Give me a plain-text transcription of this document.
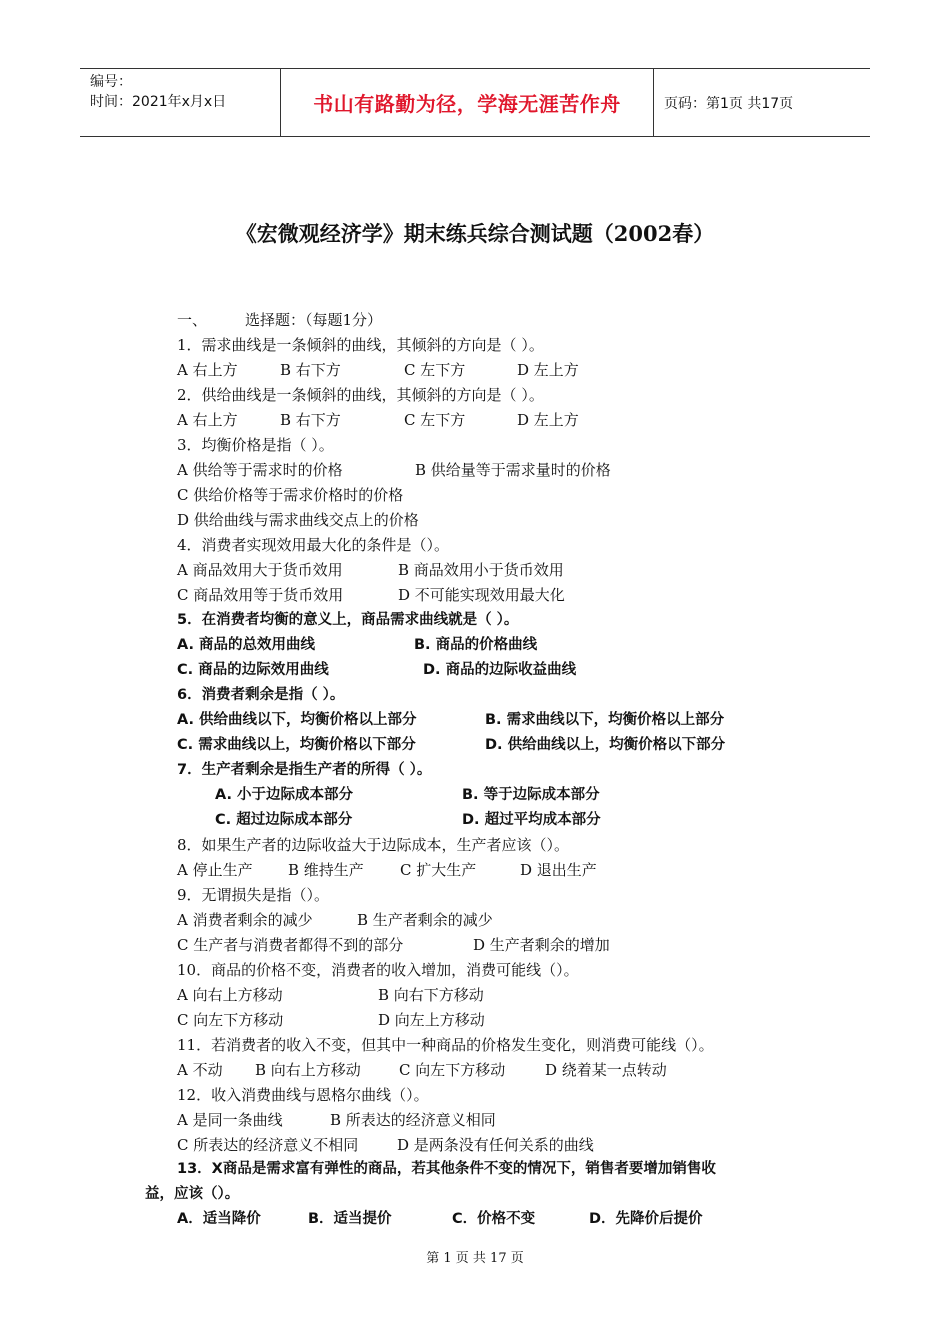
编号：
时间：2021年x月x日	书山有路勤为径，学海无涯苦作舟	页码：第1页 共17页
《宏微观经济学》期末练兵综合测试题（2002春）
一、	选择题：（每题1分）
1．需求曲线是一条倾斜的曲线，其倾斜的方向是（ ）。
A 右上方	B 右下方	C 左下方	D 左上方
2．供给曲线是一条倾斜的曲线，其倾斜的方向是（ ）。
A 右上方	B 右下方	C 左下方	D 左上方
3．均衡价格是指（ ）。
A 供给等于需求时的价格	B 供给量等于需求量时的价格
C 供给价格等于需求价格时的价格
D 供给曲线与需求曲线交点上的价格
4．消费者实现效用最大化的条件是（）。
A 商品效用大于货币效用	B 商品效用小于货币效用
C 商品效用等于货币效用	D 不可能实现效用最大化
5．在消费者均衡的意义上，商品需求曲线就是（ ）。
A. 商品的总效用曲线	B. 商品的价格曲线
C. 商品的边际效用曲线	D. 商品的边际收益曲线
6．消费者剩余是指（ ）。
A. 供给曲线以下，均衡价格以上部分	B. 需求曲线以下，均衡价格以上部分
C. 需求曲线以上，均衡价格以下部分	D. 供给曲线以上，均衡价格以下部分
7．生产者剩余是指生产者的所得（ ）。
A. 小于边际成本部分	B. 等于边际成本部分
C. 超过边际成本部分	D. 超过平均成本部分
8．如果生产者的边际收益大于边际成本，生产者应该（）。
A 停止生产 B 维持生产 C 扩大生产	D 退出生产
9．无谓损失是指（）。
A 消费者剩余的减少	B 生产者剩余的减少
C 生产者与消费者都得不到的部分	D 生产者剩余的增加
10．商品的价格不变，消费者的收入增加，消费可能线（）。
A 向右上方移动	B 向右下方移动
C 向左下方移动	D 向左上方移动
11．若消费者的收入不变，但其中一种商品的价格发生变化，则消费可能线（）。
A 不动 B 向右上方移动	C 向左下方移动	D 绕着某一点转动
12．收入消费曲线与恩格尔曲线（）。
A 是同一条曲线	B 所表达的经济意义相同
C 所表达的经济意义不相同	D 是两条没有任何关系的曲线
13．X商品是需求富有弹性的商品，若其他条件不变的情况下，销售者要增加销售收
益，应该（）。
A．适当降价	B．适当提价	C．价格不变	D．先降价后提价
第 1 页 共 17 页
